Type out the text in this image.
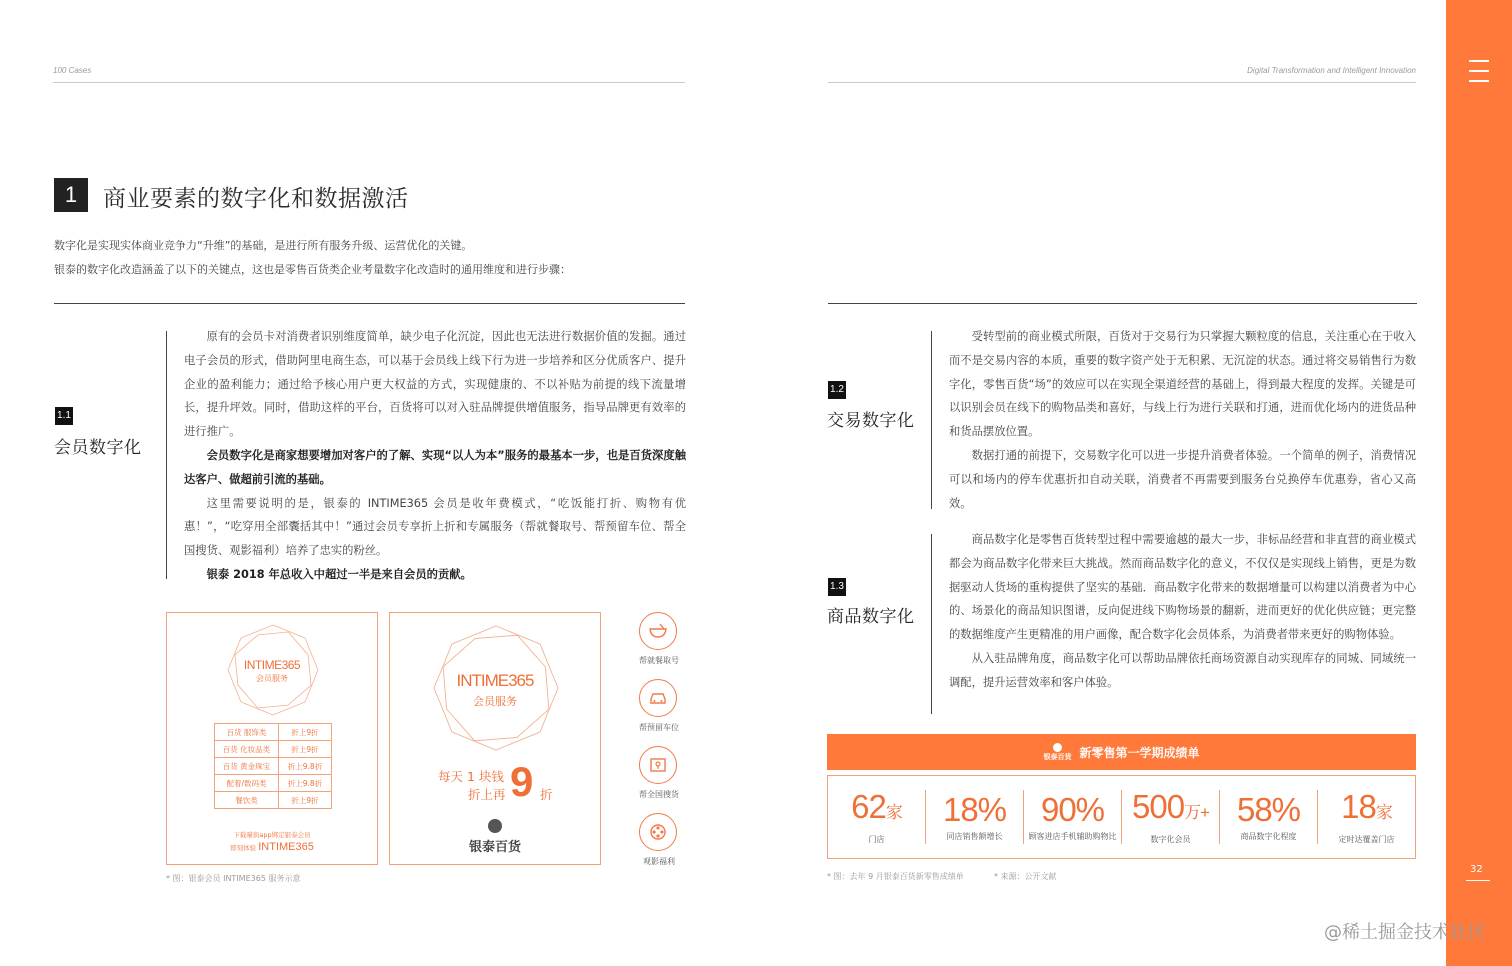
100 Cases	Digital Transformation and Intelligent Innovation
32
1	商业要素的数字化和数据激活
数字化是实现实体商业竞争力“升维”的基础，是进行所有服务升级、运营优化的关键。
银泰的数字化改造涵盖了以下的关键点，这也是零售百货类企业考量数字化改造时的通用维度和进行步骤：
1.1
会员数字化

原有的会员卡对消费者识别维度简单，缺少电子化沉淀，因此也无法进行数据价值的发掘。通过电子会员的形式，借助阿里电商生态，可以基于会员线上线下行为进一步培养和区分优质客户、提升企业的盈利能力；通过给予核心用户更大权益的方式，实现健康的、不以补贴为前提的线下流量增长，提升坪效。同时，借助这样的平台，百货将可以对入驻品牌提供增值服务，指导品牌更有效率的进行推广。

会员数字化是商家想要增加对客户的了解、实现“以人为本”服务的最基本一步，也是百货深度触达客户、做超前引流的基础。

这里需要说明的是，银泰的 INTIME365 会员是收年费模式，“吃饭能打折、购物有优惠！”，“吃穿用全部囊括其中！”通过会员专享折上折和专属服务（帮就餐取号、帮预留车位、帮全国搜货、观影福利）培养了忠实的粉丝。

银泰 2018 年总收入中超过一半是来自会员的贡献。

INTIME365
会员服务
百货 服饰类	折上9折
百货 化妆品类	折上9折
百货 黄金珠宝	折上9.8折
配着/数码类	折上9.8折
餐饮类	折上9折
下载喵街app绑定银泰会员
即刻体验 INTIME365
INTIME365
会员服务
每天 1 块钱
折上再 9 折
银泰百货
帮就餐取号
帮预留车位
帮全国搜货
观影福利
* 图：银泰会员 INTIME365 服务示意
1.2
交易数字化

受转型前的商业模式所限，百货对于交易行为只掌握大颗粒度的信息，关注重心在于收入而不是交易内容的本质，重要的数字资产处于无积累、无沉淀的状态。通过将交易销售行为数字化，零售百货“场”的效应可以在实现全渠道经营的基础上，得到最大程度的发挥。关键是可以识别会员在线下的购物品类和喜好，与线上行为进行关联和打通，进而优化场内的进货品种和货品摆放位置。

数据打通的前提下，交易数字化可以进一步提升消费者体验。一个简单的例子，消费情况可以和场内的停车优惠折扣自动关联，消费者不再需要到服务台兑换停车优惠券，省心又高效。

1.3
商品数字化

商品数字化是零售百货转型过程中需要逾越的最大一步，非标品经营和非直营的商业模式都会为商品数字化带来巨大挑战。然而商品数字化的意义，不仅仅是实现线上销售，更是为数据驱动人货场的重构提供了坚实的基础．商品数字化带来的数据增量可以构建以消费者为中心的、场景化的商品知识图谱，反向促进线下购物场景的翻新，进而更好的优化供应链；更完整的数据维度产生更精准的用户画像，配合数字化会员体系，为消费者带来更好的购物体验。

从入驻品牌角度，商品数字化可以帮助品牌依托商场资源自动实现库存的同城、同域统一调配，提升运营效率和客户体验。

银泰百货 新零售第一学期成绩单
62家
门店
18%
同店销售额增长
90%
顾客进店手机辅助购物比
500万+
数字化会员
58%
商品数字化程度
18家
定时达覆盖门店
* 图：去年 9 月银泰百货新零售成绩单	* 来源：公开文献
@稀土掘金技术社区
